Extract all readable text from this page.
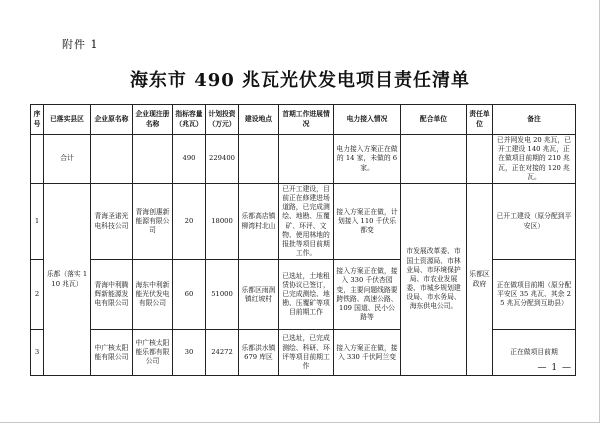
附件 1
海东市 490 兆瓦光伏发电项目责任清单
序号	已落实县区	企业原名称	企业现注册名称	指标容量（兆瓦）	计划投资（万元）	建设地点	首期工作进展情况	电力接入情况	配合单位	责任单位	备注
	合计			490	229400			电力接入方案正在做的 14 家，未做的 6 家。			已并网发电 20 兆瓦，已开工建设 140 兆瓦，正在做项目前期的 210 兆瓦，正在对接的 120 兆瓦。
1	乐都（落实 110 兆瓦）	青海圣诺光电科技公司	青海创惠新能源有限公司	20	18000	乐都高店镇柳湾村北山	已开工建设，目前正在修建进场道路，已完成测绘、地勘、压覆矿、环评、文物、使用林地的报批等项目前期工作。	接入方案正在做，计划接入 110 千伏乐都变	市发展改革委、市国土资源局、市林业局、市环境保护局、市农业发展委、市城乡规划建设局、市水务局、海东供电公司。	乐都区政府	已开工建设（原分配到平安区）
2		青海中利腾辉新能源发电有限公司	海东中利新能光伏发电有限公司	60	51000	乐都区雨润镇红坡村	已选址，土地租赁协议已签订，已完成测绘、地勘、压覆矿等项目前期工作	接入方案正在做，接入 330 千伏杏园变，主要问题线路要跨铁路、高速公路、109 国道、民小公路等			正在做项目前期（原分配平安区 35 兆瓦、其余 25 兆瓦分配到互助县）
3		中广核太阳能有限公司	中广核太阳能乐都有限公司	30	24272	乐都洪水镇 679 库区	已选址，已完成测绘、科研、环评等项目前期工作	接入方案正在做，接入 330 千伏阿兰变			正在做项目前期
— 1 —
